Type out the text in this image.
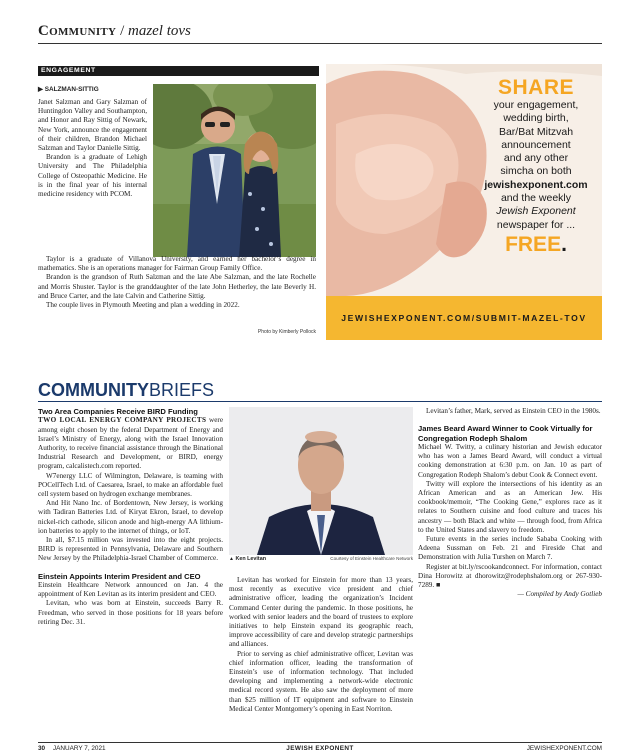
Community / mazel tovs
ENGAGEMENT
▶ SALZMAN-SITTIG

Janet Salzman and Gary Salzman of Huntingdon Valley and Southampton, and Honor and Ray Sittig of Newark, New York, announce the engagement of their children, Brandon Michael Salzman and Taylor Danielle Sittig.

Brandon is a graduate of Lehigh University and The Philadelphia College of Osteopathic Medicine. He is in the final year of his internal medicine residency with PCOM.

Taylor is a graduate of Villanova University, and earned her bachelor’s degree in mathematics. She is an operations manager for Fairman Group Family Office.

Brandon is the grandson of Ruth Salzman and the late Abe Salzman, and the late Rochelle and Morris Shuster. Taylor is the granddaughter of the late John Hetherley, the late Beverly H. and Bruce Carter, and the late Calvin and Catherine Sittig.

The couple lives in Plymouth Meeting and plan a wedding in 2022.

Photo by Kimberly Pollock
SHARE
your engagement,
wedding birth,
Bar/Bat Mitzvah
announcement
and any other
simcha on both
jewishexponent.com
and the weekly
Jewish Exponent
newspaper for ...
FREE.
JEWISHEXPONENT.COM/SUBMIT-MAZEL-TOV
COMMUNITYBRIEFS
Two Area Companies Receive BIRD Funding

TWO LOCAL ENERGY COMPANY PROJECTS were among eight chosen by the federal Department of Energy and Israel’s Ministry of Energy, along with the Israel Innovation Authority, to receive financial assistance through the Binational Industrial Research and Development, or BIRD, energy program, calcalistech.com reported.

W7energy LLC of Wilmington, Delaware, is teaming with POCellTech Ltd. of Caesarea, Israel, to make an affordable fuel cell system based on hydrogen exchange membranes.

And Hit Nano Inc. of Bordentown, New Jersey, is working with Tadiran Batteries Ltd. of Kiryat Ekron, Israel, to develop nickel-rich cathode, silicon anode and high-energy AA lithium-ion batteries to apply to the internet of things, or IoT.

In all, $7.15 million was invested into the eight projects. BIRD is represented in Pennsylvania, Delaware and Southern New Jersey by the Philadelphia-Israel Chamber of Commerce.

Einstein Appoints Interim President and CEO

Einstein Healthcare Network announced on Jan. 4 the appointment of Ken Levitan as its interim president and CEO.

Levitan, who was born at Einstein, succeeds Barry R. Freedman, who served in those positions for 18 years before retiring Dec. 31.

▲ Ken Levitan	Courtesy of Einstein Healthcare Network

Levitan has worked for Einstein for more than 13 years, most recently as executive vice president and chief administrative officer, leading the organization’s Incident Command Center during the pandemic. In those positions, he worked with senior leaders and the board of trustees to explore initiatives to help Einstein expand its geographic reach, improve accessibility of care and develop strategic partnerships and alliances.

Prior to serving as chief administrative officer, Levitan was chief information officer, leading the transformation of Einstein’s use of information technology. That included developing and implementing a network-wide electronic medical record system. He also saw the deployment of more than $25 million of IT equipment and software to Einstein Medical Center Montgomery’s opening in East Norriton.

Levitan’s father, Mark, served as Einstein CEO in the 1980s.

James Beard Award Winner to Cook Virtually for Congregation Rodeph Shalom

Michael W. Twitty, a culinary historian and Jewish educator who has won a James Beard Award, will conduct a virtual cooking demonstration at 6:30 p.m. on Jan. 10 as part of Congregation Rodeph Shalom’s debut Cook & Connect event.

Twitty will explore the intersections of his identity as an African American and as an American Jew. His cookbook/memoir, “The Cooking Gene,” explores race as it relates to Southern cuisine and food culture and traces his ancestry — both Black and white — through food, from Africa to the United States and slavery to freedom.

Future events in the series include Sababa Cooking with Adeena Sussman on Feb. 21 and Fireside Chat and Demonstration with Julia Turshen on March 7.

Register at bit.ly/rscookandconnect. For information, contact Dina Horowitz at dhorowitz@rodephshalom.org or 267-930-7289. ■

— Compiled by Andy Gotlieb
30 JANUARY 7, 2021	JEWISH EXPONENT	JEWISHEXPONENT.COM
